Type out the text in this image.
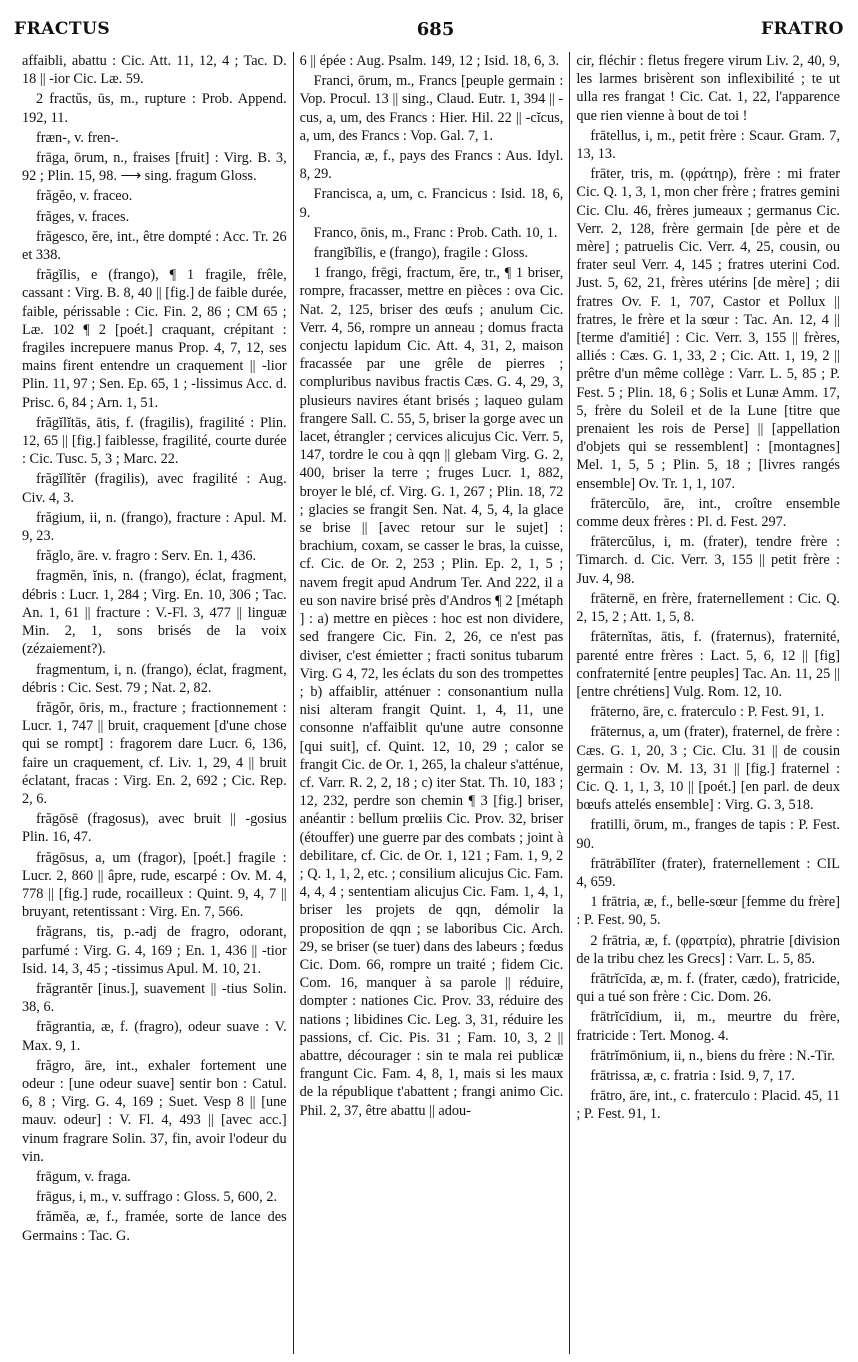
FRACTUS	685	FRATRO

affaibli, abattu : Cic. Att. 11, 12, 4 ; Tac. D. 18 || -ior Cic. Læ. 59.

2 fractŭs, ūs, m., rupture : Prob. Append. 192, 11.

fræn-, v. fren-.

frāga, ōrum, n., fraises [fruit] : Virg. B. 3, 92 ; Plin. 15, 98. ⟶ sing. fragum Gloss.

frăgĕo, v. fraceo.

frăges, v. fraces.

frăgesco, ĕre, int., être dompté : Acc. Tr. 26 et 338.

frăgĭlis, e (frango), ¶ 1 fragile, frêle, cassant : Virg. B. 8, 40 || [fig.] de faible durée, faible, périssable : Cic. Fin. 2, 86 ; CM 65 ; Læ. 102 ¶ 2 [poét.] craquant, crépitant : fragiles increpuere manus Prop. 4, 7, 12, ses mains firent entendre un craquement || -lior Plin. 11, 97 ; Sen. Ep. 65, 1 ; -lissimus Acc. d. Prisc. 6, 84 ; Arn. 1, 51.

frăgĭlĭtās, ātis, f. (fragilis), fragilité : Plin. 12, 65 || [fig.] faiblesse, fragilité, courte durée : Cic. Tusc. 5, 3 ; Marc. 22.

frăgĭlĭtĕr (fragilis), avec fragilité : Aug. Civ. 4, 3.

frăgium, ii, n. (frango), fracture : Apul. M. 9, 23.

frăglo, āre. v. fragro : Serv. En. 1, 436.

fragmĕn, ĭnis, n. (frango), éclat, fragment, débris : Lucr. 1, 284 ; Virg. En. 10, 306 ; Tac. An. 1, 61 || fracture : V.-Fl. 3, 477 || linguæ Min. 2, 1, sons brisés de la voix (zézaiement?).

fragmentum, i, n. (frango), éclat, fragment, débris : Cic. Sest. 79 ; Nat. 2, 82.

frăgŏr, ōris, m., fracture ; fractionnement : Lucr. 1, 747 || bruit, craquement [d'une chose qui se rompt] : fragorem dare Lucr. 6, 136, faire un craquement, cf. Liv. 1, 29, 4 || bruit éclatant, fracas : Virg. En. 2, 692 ; Cic. Rep. 2, 6.

frăgōsē (fragosus), avec bruit || -gosius Plin. 16, 47.

frăgōsus, a, um (fragor), [poét.] fragile : Lucr. 2, 860 || âpre, rude, escarpé : Ov. M. 4, 778 || [fig.] rude, rocailleux : Quint. 9, 4, 7 || bruyant, retentissant : Virg. En. 7, 566.

frăgrans, tis, p.-adj de fragro, odorant, parfumé : Virg. G. 4, 169 ; En. 1, 436 || -tior Isid. 14, 3, 45 ; -tissimus Apul. M. 10, 21.

frăgrantĕr [inus.], suavement || -tius Solin. 38, 6.

frăgrantia, æ, f. (fragro), odeur suave : V. Max. 9, 1.

frăgro, āre, int., exhaler fortement une odeur : [une odeur suave] sentir bon : Catul. 6, 8 ; Virg. G. 4, 169 ; Suet. Vesp 8 || [une mauv. odeur] : V. Fl. 4, 493 || [avec acc.] vinum fragrare Solin. 37, fin, avoir l'odeur du vin.

frāgum, v. fraga.

frāgus, i, m., v. suffrago : Gloss. 5, 600, 2.

frămĕa, æ, f., framée, sorte de lance des Germains : Tac. G.

6 || épée : Aug. Psalm. 149, 12 ; Isid. 18, 6, 3.

Franci, ōrum, m., Francs [peuple germain : Vop. Procul. 13 || sing., Claud. Eutr. 1, 394 || -cus, a, um, des Francs : Hier. Hil. 22 || -cĭcus, a, um, des Francs : Vop. Gal. 7, 1.

Francia, æ, f., pays des Francs : Aus. Idyl. 8, 29.

Francisca, a, um, c. Francicus : Isid. 18, 6, 9.

Franco, ōnis, m., Franc : Prob. Cath. 10, 1.

frangĭbĭlis, e (frango), fragile : Gloss.

1 frango, frēgi, fractum, ĕre, tr., ¶ 1 briser, rompre, fracasser, mettre en pièces : ova Cic. Nat. 2, 125, briser des œufs ; anulum Cic. Verr. 4, 56, rompre un anneau ; domus fracta conjectu lapidum Cic. Att. 4, 31, 2, maison fracassée par une grêle de pierres ; compluribus navibus fractis Cæs. G. 4, 29, 3, plusieurs navires étant brisés ; laqueo gulam frangere Sall. C. 55, 5, briser la gorge avec un lacet, étrangler ; cervices alicujus Cic. Verr. 5, 147, tordre le cou à qqn || glebam Virg. G. 2, 400, briser la terre ; fruges Lucr. 1, 882, broyer le blé, cf. Virg. G. 1, 267 ; Plin. 18, 72 ; glacies se frangit Sen. Nat. 4, 5, 4, la glace se brise || [avec retour sur le sujet] : brachium, coxam, se casser le bras, la cuisse, cf. Cic. de Or. 2, 253 ; Plin. Ep. 2, 1, 5 ; navem fregit apud Andrum Ter. And 222, il a eu son navire brisé près d'Andros ¶ 2 [métaph ] : a) mettre en pièces : hoc est non dividere, sed frangere Cic. Fin. 2, 26, ce n'est pas diviser, c'est émietter ; fracti sonitus tubarum Virg. G 4, 72, les éclats du son des trompettes ; b) affaiblir, atténuer : consonantium nulla nisi alteram frangit Quint. 1, 4, 11, une consonne n'affaiblit qu'une autre consonne [qui suit], cf. Quint. 12, 10, 29 ; calor se frangit Cic. de Or. 1, 265, la chaleur s'atténue, cf. Varr. R. 2, 2, 18 ; c) iter Stat. Th. 10, 183 ; 12, 232, perdre son chemin ¶ 3 [fig.] briser, anéantir : bellum prœliis Cic. Prov. 32, briser (étouffer) une guerre par des combats ; joint à debilitare, cf. Cic. de Or. 1, 121 ; Fam. 1, 9, 2 ; Q. 1, 1, 2, etc. ; consilium alicujus Cic. Fam. 4, 4, 4 ; sententiam alicujus Cic. Fam. 1, 4, 1, briser les projets de qqn, démolir la proposition de qqn ; se laboribus Cic. Arch. 29, se briser (se tuer) dans des labeurs ; fœdus Cic. Dom. 66, rompre un traité ; fidem Cic. Com. 16, manquer à sa parole || réduire, dompter : nationes Cic. Prov. 33, réduire des nations ; libidines Cic. Leg. 3, 31, réduire les passions, cf. Cic. Pis. 31 ; Fam. 10, 3, 2 || abattre, décourager : sin te mala rei publicæ frangunt Cic. Fam. 4, 8, 1, mais si les maux de la république t'abattent ; frangi animo Cic. Phil. 2, 37, être abattu || adou-

cir, fléchir : fletus fregere virum Liv. 2, 40, 9, les larmes brisèrent son inflexibilité ; te ut ulla res frangat ! Cic. Cat. 1, 22, l'apparence que rien vienne à bout de toi !

frātellus, i, m., petit frère : Scaur. Gram. 7, 13, 13.

frāter, tris, m. (φράτηρ), frère : mi frater Cic. Q. 1, 3, 1, mon cher frère ; fratres gemini Cic. Clu. 46, frères jumeaux ; germanus Cic. Verr. 2, 128, frère germain [de père et de mère] ; patruelis Cic. Verr. 4, 25, cousin, ou frater seul Verr. 4, 145 ; fratres uterini Cod. Just. 5, 62, 21, frères utérins [de mère] ; dii fratres Ov. F. 1, 707, Castor et Pollux || fratres, le frère et la sœur : Tac. An. 12, 4 || [terme d'amitié] : Cic. Verr. 3, 155 || frères, alliés : Cæs. G. 1, 33, 2 ; Cic. Att. 1, 19, 2 || prêtre d'un même collège : Varr. L. 5, 85 ; P. Fest. 5 ; Plin. 18, 6 ; Solis et Lunæ Amm. 17, 5, frère du Soleil et de la Lune [titre que prenaient les rois de Perse] || [appellation d'objets qui se ressemblent] : [montagnes] Mel. 1, 5, 5 ; Plin. 5, 18 ; [livres rangés ensemble] Ov. Tr. 1, 1, 107.

frātercŭlo, āre, int., croître ensemble comme deux frères : Pl. d. Fest. 297.

frātercŭlus, i, m. (frater), tendre frère : Timarch. d. Cic. Verr. 3, 155 || petit frère : Juv. 4, 98.

frāternē, en frère, fraternellement : Cic. Q. 2, 15, 2 ; Att. 1, 5, 8.

frāternĭtas, ātis, f. (fraternus), fraternité, parenté entre frères : Lact. 5, 6, 12 || [fig] confraternité [entre peuples] Tac. An. 11, 25 || [entre chrétiens] Vulg. Rom. 12, 10.

frāterno, āre, c. fraterculo : P. Fest. 91, 1.

frāternus, a, um (frater), fraternel, de frère : Cæs. G. 1, 20, 3 ; Cic. Clu. 31 || de cousin germain : Ov. M. 13, 31 || [fig.] fraternel : Cic. Q. 1, 1, 3, 10 || [poét.] [en parl. de deux bœufs attelés ensemble] : Virg. G. 3, 518.

fratilli, ōrum, m., franges de tapis : P. Fest. 90.

frātrābĭlĭter (frater), fraternellement : CIL 4, 659.

1 frātria, æ, f., belle-sœur [femme du frère] : P. Fest. 90, 5.

2 frātria, æ, f. (φρατρία), phratrie [division de la tribu chez les Grecs] : Varr. L. 5, 85.

frātrĭcīda, æ, m. f. (frater, cædo), fratricide, qui a tué son frère : Cic. Dom. 26.

frātrĭcīdium, ii, m., meurtre du frère, fratricide : Tert. Monog. 4.

frātrĭmōnium, ii, n., biens du frère : N.-Tir.

frātrissa, æ, c. fratria : Isid. 9, 7, 17.

frātro, āre, int., c. fraterculo : Placid. 45, 11 ; P. Fest. 91, 1.
